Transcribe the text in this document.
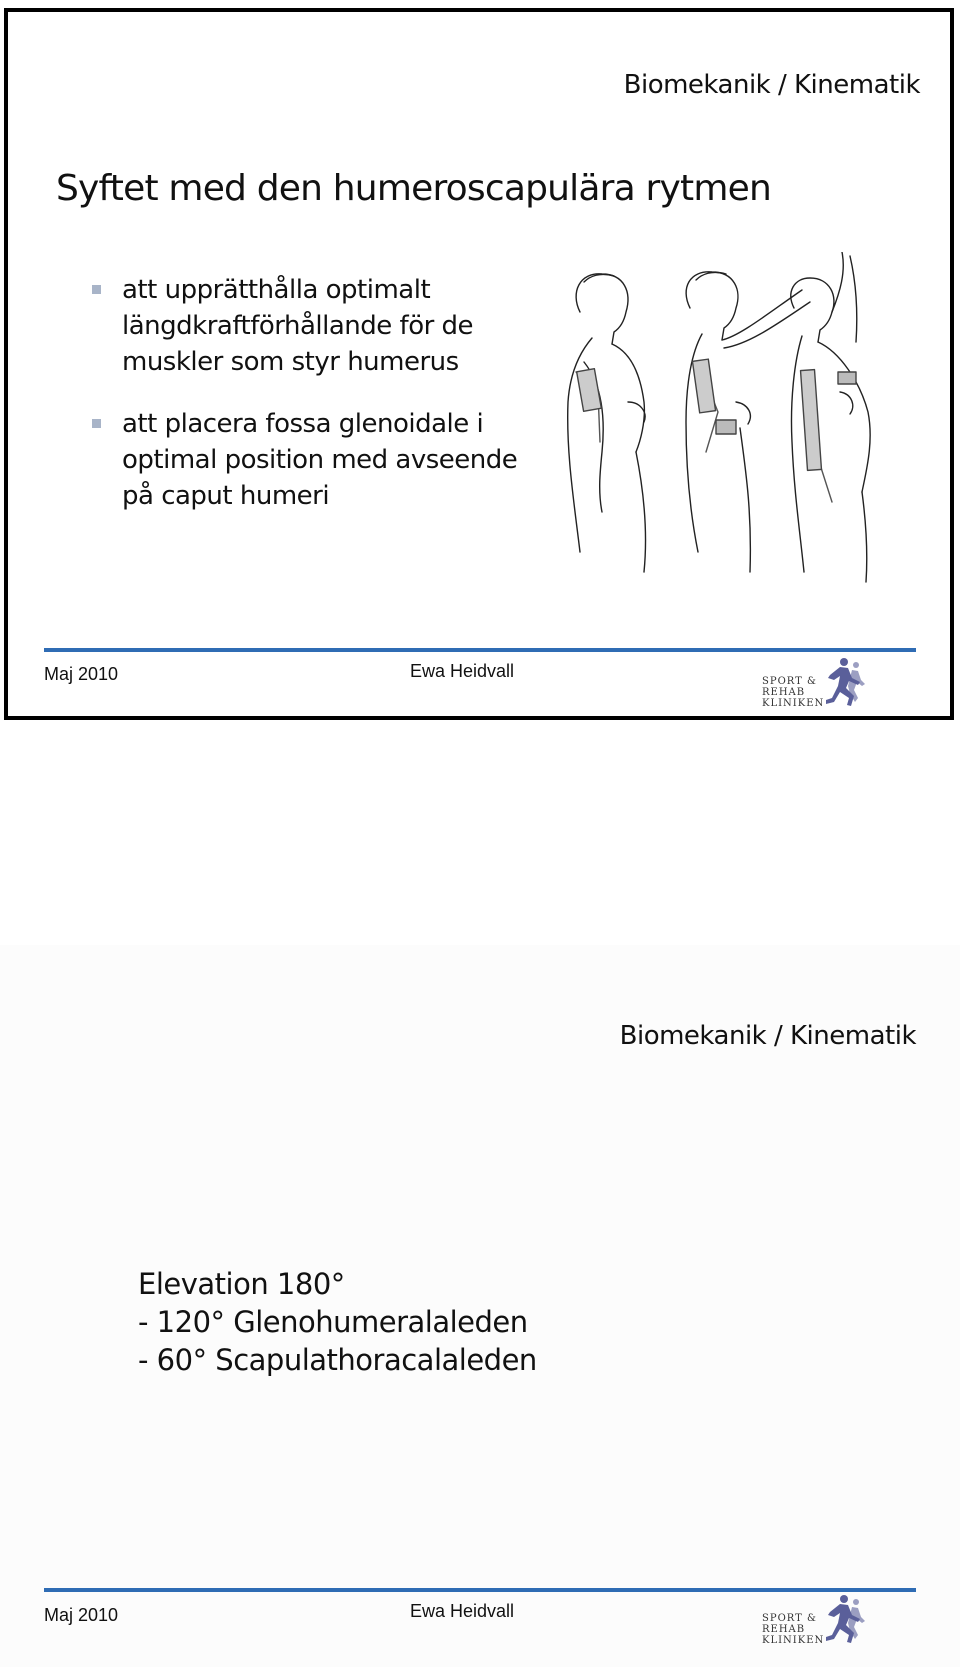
Biomekanik / Kinematik
Syftet med den humeroscapulära rytmen
att upprätthålla optimalt längdkraftförhållande för de muskler som styr humerus
att placera fossa glenoidale i optimal position med avseende på caput humeri
Maj 2010	Ewa Heidvall
SPORT &
REHAB
KLINIKEN
Biomekanik / Kinematik
Elevation 180°
- 120° Glenohumeralaleden
- 60° Scapulathoracalaleden
Maj 2010	Ewa Heidvall	SPORT &
REHAB
KLINIKEN
